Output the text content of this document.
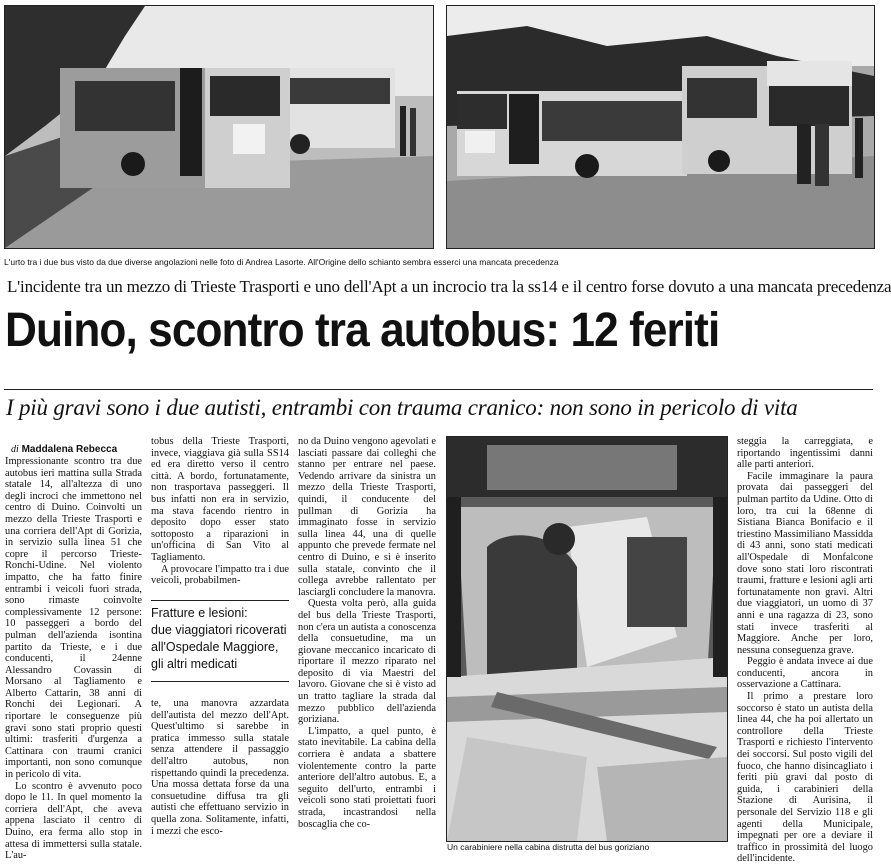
L'urto tra i due bus visto da due diverse angolazioni nelle foto di Andrea Lasorte. All'Origine dello schianto sembra esserci una mancata precedenza
L'incidente tra un mezzo di Trieste Trasporti e uno dell'Apt a un incrocio tra la ss14 e il centro forse dovuto a una mancata precedenza
Duino, scontro tra autobus: 12 feriti
I più gravi sono i due autisti, entrambi con trauma cranico: non sono in pericolo di vita
di Maddalena Rebecca

Impressionante scontro tra due autobus ieri mattina sulla Strada statale 14, all'altezza di uno degli incroci che immettono nel centro di Duino. Coinvolti un mezzo della Trieste Trasporti e una corriera dell'Apt di Gorizia, in servizio sulla linea 51 che copre il percorso Trieste-Ronchi-Udine. Nel violento impatto, che ha fatto finire entrambi i veicoli fuori strada, sono rimaste coinvolte complessivamente 12 persone: 10 passeggeri a bordo del pulman dell'azienda isontina partito da Trieste, e i due conducenti, il 24enne Alessandro Covassin di Morsano al Tagliamento e Alberto Cattarin, 38 anni di Ronchi dei Legionari. A riportare le conseguenze più gravi sono stati proprio questi ultimi: trasferiti d'urgenza a Cattinara con traumi cranici importanti, non sono comunque in pericolo di vita.

Lo scontro è avvenuto poco dopo le 11. In quel momento la corriera dell'Apt, che aveva appena lasciato il centro di Duino, era ferma allo stop in attesa di immettersi sulla statale. L'au-

tobus della Trieste Trasporti, invece, viaggiava già sulla SS14 ed era diretto verso il centro città. A bordo, fortunatamente, non trasportava passeggeri. Il bus infatti non era in servizio, ma stava facendo rientro in deposito dopo esser stato sottoposto a riparazioni in un'officina di San Vito al Tagliamento.

A provocare l'impatto tra i due veicoli, probabilmen-

Fratture e lesioni:
due viaggiatori ricoverati all'Ospedale Maggiore, gli altri medicati

te, una manovra azzardata dell'autista del mezzo dell'Apt. Quest'ultimo si sarebbe in pratica immesso sulla statale senza attendere il passaggio dell'altro autobus, non rispettando quindi la precedenza. Una mossa dettata forse da una consuetudine diffusa tra gli autisti che effettuano servizio in quella zona. Solitamente, infatti, i mezzi che esco-

no da Duino vengono agevolati e lasciati passare dai colleghi che stanno per entrare nel paese. Vedendo arrivare da sinistra un mezzo della Trieste Trasporti, quindi, il conducente del pullman di Gorizia ha immaginato fosse in servizio sulla linea 44, una di quelle appunto che prevede fermate nel centro di Duino, e si è inserito sulla statale, convinto che il collega avrebbe rallentato per lasciargli concludere la manovra.

Questa volta però, alla guida del bus della Trieste Trasporti, non c'era un autista a conoscenza della consuetudine, ma un giovane meccanico incaricato di riportare il mezzo riparato nel deposito di via Maestri del lavoro. Giovane che si è visto ad un tratto tagliare la strada dal mezzo pubblico dell'azienda goriziana.

L'impatto, a quel punto, è stato inevitabile. La cabina della corriera è andata a sbattere violentemente contro la parte anteriore dell'altro autobus. E, a seguito dell'urto, entrambi i veicoli sono stati proiettati fuori strada, incastrandosi nella boscaglia che co-

Un carabiniere nella cabina distrutta del bus goriziano

steggia la carreggiata, e riportando ingentissimi danni alle parti anteriori.

Facile immaginare la paura provata dai passeggeri del pulman partito da Udine. Otto di loro, tra cui la 68enne di Sistiana Bianca Bonifacio e il triestino Massimiliano Massidda di 43 anni, sono stati medicati all'Ospedale di Monfalcone dove sono stati loro riscontrati traumi, fratture e lesioni agli arti fortunatamente non gravi. Altri due viaggiatori, un uomo di 37 anni e una ragazza di 23, sono stati invece trasferiti al Maggiore. Anche per loro, nessuna conseguenza grave.

Peggio è andata invece ai due conducenti, ancora in osservazione a Cattinara.

Il primo a prestare loro soccorso è stato un autista della linea 44, che ha poi allertato un controllore della Trieste Trasporti e richiesto l'intervento dei soccorsi. Sul posto vigili del fuoco, che hanno disincagliato i feriti più gravi dal posto di guida, i carabinieri della Stazione di Aurisina, il personale del Servizio 118 e gli agenti della Municipale, impegnati per ore a deviare il traffico in prossimità del luogo dell'incidente.
